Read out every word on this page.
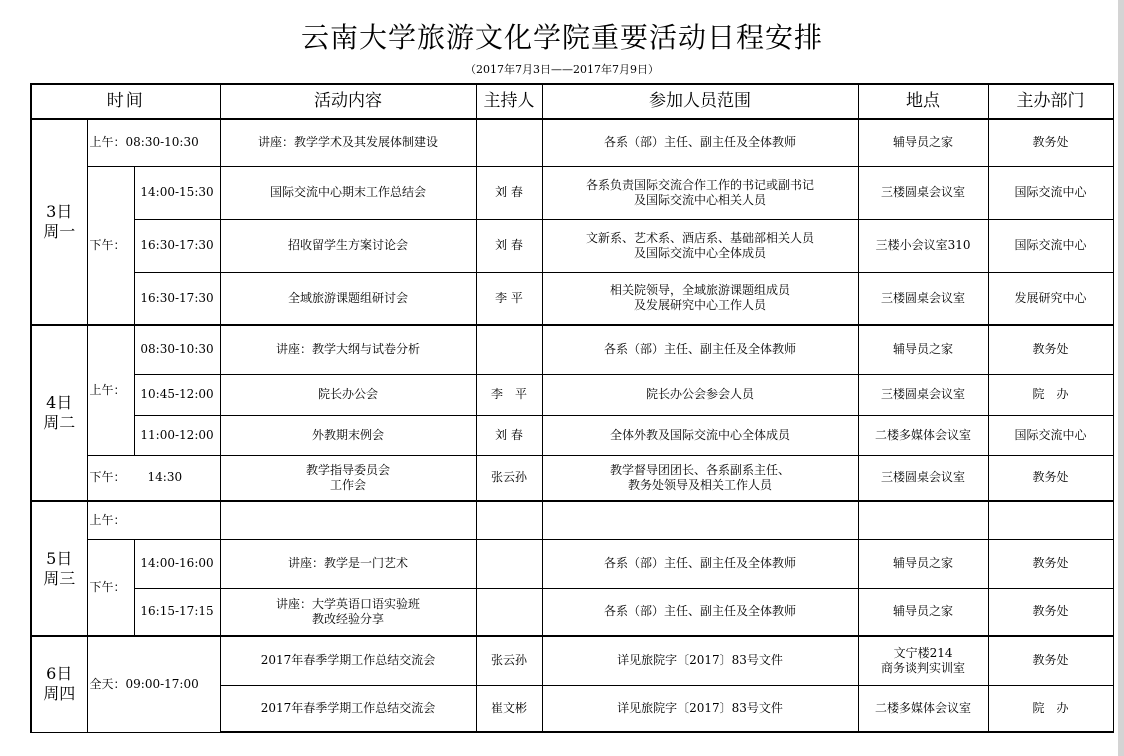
云南大学旅游文化学院重要活动日程安排
（2017年7月3日——2017年7月9日）
时间			活动内容	主持人	参加人员范围	地点	主办部门

3日
周一	上午：08:30-10:30		讲座：教学学术及其发展体制建设		各系（部）主任、副主任及全体教师	辅导员之家	教务处
	下午：	14:00-15:30	国际交流中心期末工作总结会	刘 春	各系负责国际交流合作工作的书记或副书记
及国际交流中心相关人员	三楼圆桌会议室	国际交流中心
		16:30-17:30	招收留学生方案讨论会	刘 春	文新系、艺术系、酒店系、基础部相关人员
及国际交流中心全体成员	三楼小会议室310	国际交流中心
		16:30-17:30	全域旅游课题组研讨会	李 平	相关院领导，全域旅游课题组成员
及发展研究中心工作人员	三楼圆桌会议室	发展研究中心

4日
周二	上午：	08:30-10:30	讲座：教学大纲与试卷分析		各系（部）主任、副主任及全体教师	辅导员之家	教务处
		10:45-12:00	院长办公会	李　平	院长办公会参会人员	三楼圆桌会议室	院　办
		11:00-12:00	外教期末例会	刘 春	全体外教及国际交流中心全体成员	二楼多媒体会议室	国际交流中心
	下午： 14:30		教学指导委员会
工作会	张云孙	教学督导团团长、各系副系主任、
教务处领导及相关工作人员	三楼圆桌会议室	教务处

5日
周三	上午：						
	下午：	14:00-16:00	讲座：教学是一门艺术		各系（部）主任、副主任及全体教师	辅导员之家	教务处
		16:15-17:15	讲座：大学英语口语实验班
教改经验分享		各系（部）主任、副主任及全体教师	辅导员之家	教务处

6日
周四	全天：09:00-17:00		2017年春季学期工作总结交流会	张云孙	详见旅院字〔2017〕83号文件	文宁楼214
商务谈判实训室	教务处
			2017年春季学期工作总结交流会	崔文彬	详见旅院字〔2017〕83号文件	二楼多媒体会议室	院　办
